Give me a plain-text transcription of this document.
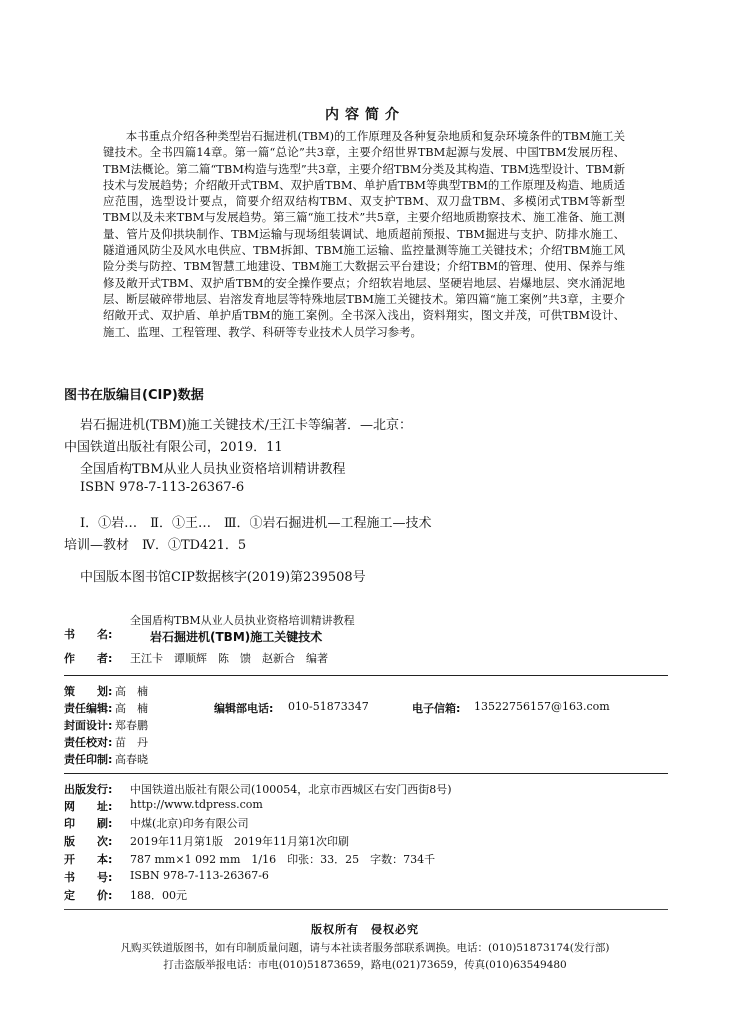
内容简介
本书重点介绍各种类型岩石掘进机(TBM)的工作原理及各种复杂地质和复杂环境条件的TBM施工关键技术。全书四篇14章。第一篇“总论”共3章，主要介绍世界TBM起源与发展、中国TBM发展历程、TBM法概论。第二篇“TBM构造与选型”共3章，主要介绍TBM分类及其构造、TBM选型设计、TBM新技术与发展趋势；介绍敞开式TBM、双护盾TBM、单护盾TBM等典型TBM的工作原理及构造、地质适应范围，选型设计要点，简要介绍双结构TBM、双支护TBM、双刀盘TBM、多模闭式TBM等新型TBM以及未来TBM与发展趋势。第三篇“施工技术”共5章，主要介绍地质勘察技术、施工准备、施工测量、管片及仰拱块制作、TBM运输与现场组装调试、地质超前预报、TBM掘进与支护、防排水施工、隧道通风防尘及风水电供应、TBM拆卸、TBM施工运输、监控量测等施工关键技术；介绍TBM施工风险分类与防控、TBM智慧工地建设、TBM施工大数据云平台建设；介绍TBM的管理、使用、保养与维修及敞开式TBM、双护盾TBM的安全操作要点；介绍软岩地层、坚硬岩地层、岩爆地层、突水涌泥地层、断层破碎带地层、岩溶发育地层等特殊地层TBM施工关键技术。第四篇“施工案例”共3章，主要介绍敞开式、双护盾、单护盾TBM的施工案例。全书深入浅出，资料翔实，图文并茂，可供TBM设计、施工、监理、工程管理、教学、科研等专业技术人员学习参考。
图书在版编目(CIP)数据
岩石掘进机(TBM)施工关键技术/王江卡等编著．—北京：
中国铁道出版社有限公司，2019．11
全国盾构TBM从业人员执业资格培训精讲教程
ISBN 978-7-113-26367-6
Ⅰ．①岩…　Ⅱ．①王…　Ⅲ．①岩石掘进机—工程施工—技术
培训—教材　Ⅳ．①TD421．5
中国版本图书馆CIP数据核字(2019)第239508号
书　　名:
全国盾构TBM从业人员执业资格培训精讲教程
岩石掘进机(TBM)施工关键技术
作　　者: 王江卡　谭顺辉　陈　馈　赵新合　编著
策　　划: 高　楠
责任编辑: 高　楠	编辑部电话: 010-51873347	电子信箱: 13522756157@163.com
封面设计: 郑春鹏
责任校对: 苗　丹
责任印制: 高春晓
出版发行: 中国铁道出版社有限公司(100054，北京市西城区右安门西街8号)
网　　址: http://www.tdpress.com
印　　刷: 中煤(北京)印务有限公司
版　　次: 2019年11月第1版　2019年11月第1次印刷
开　　本: 787 mm×1 092 mm　1/16　印张：33．25　字数：734千
书　　号: ISBN 978-7-113-26367-6
定　　价: 188．00元
版权所有　侵权必究
凡购买铁道版图书，如有印制质量问题，请与本社读者服务部联系调换。电话：(010)51873174(发行部)
打击盗版举报电话：市电(010)51873659，路电(021)73659，传真(010)63549480
